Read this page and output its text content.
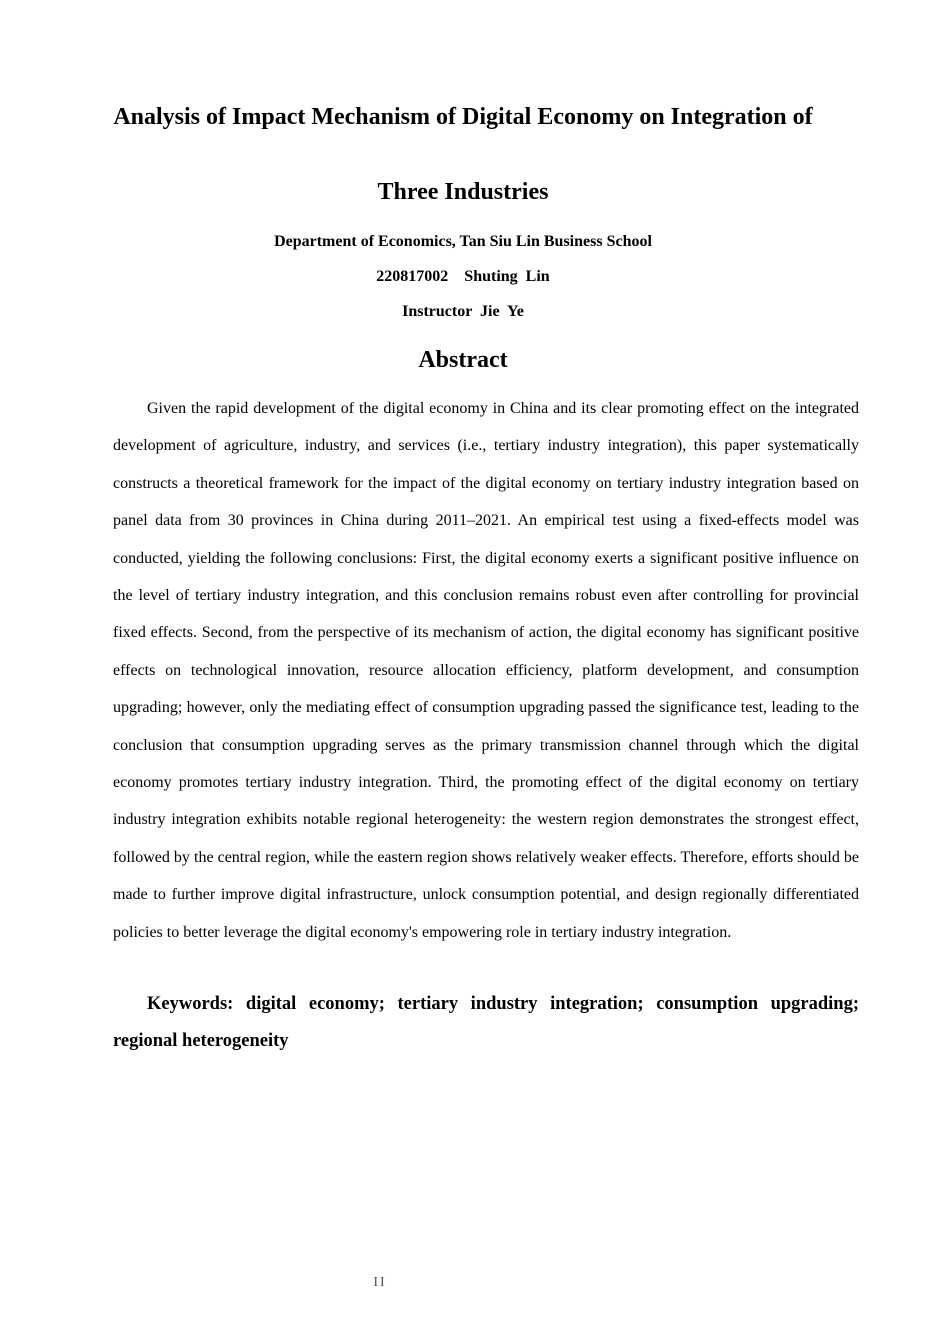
Analysis of Impact Mechanism of Digital Economy on Integration of
Three Industries

Department of Economics, Tan Siu Lin Business School

220817002    Shuting  Lin

Instructor  Jie  Ye

Abstract

Given the rapid development of the digital economy in China and its clear promoting effect on the integrated development of agriculture, industry, and services (i.e., tertiary industry integration), this paper systematically constructs a theoretical framework for the impact of the digital economy on tertiary industry integration based on panel data from 30 provinces in China during 2011–2021. An empirical test using a fixed-effects model was conducted, yielding the following conclusions: First, the digital economy exerts a significant positive influence on the level of tertiary industry integration, and this conclusion remains robust even after controlling for provincial fixed effects. Second, from the perspective of its mechanism of action, the digital economy has significant positive effects on technological innovation, resource allocation efficiency, platform development, and consumption upgrading; however, only the mediating effect of consumption upgrading passed the significance test, leading to the conclusion that consumption upgrading serves as the primary transmission channel through which the digital economy promotes tertiary industry integration. Third, the promoting effect of the digital economy on tertiary industry integration exhibits notable regional heterogeneity: the western region demonstrates the strongest effect, followed by the central region, while the eastern region shows relatively weaker effects. Therefore, efforts should be made to further improve digital infrastructure, unlock consumption potential, and design regionally differentiated policies to better leverage the digital economy's empowering role in tertiary industry integration.

Keywords: digital economy; tertiary industry integration; consumption upgrading; regional heterogeneity

II
